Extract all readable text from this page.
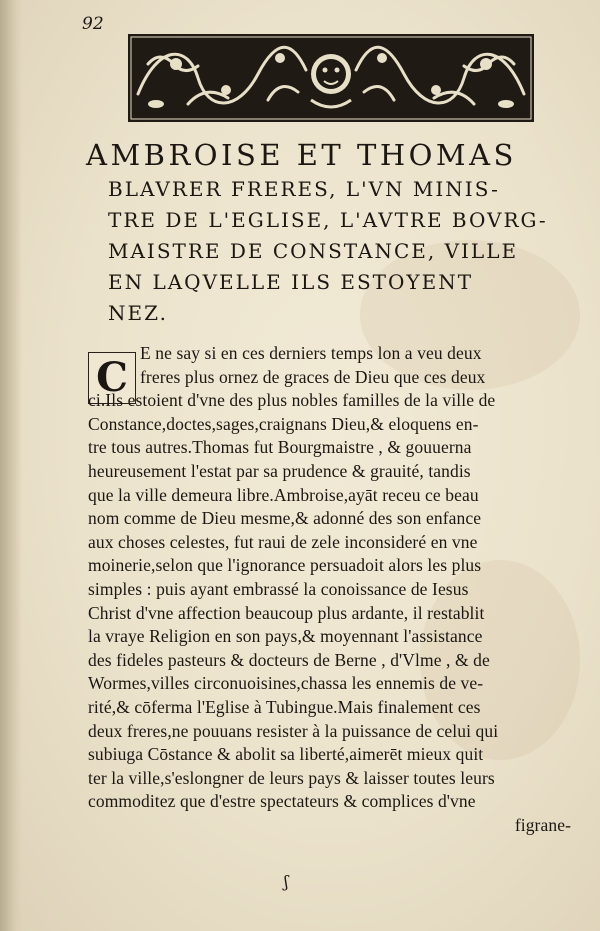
92
AMBROISE ET THOMAS
BLAVRER FRERES, L'VN MINIS-
TRE DE L'EGLISE, L'AVTRE BOVRG-
MAISTRE DE CONSTANCE, VILLE
EN LAQVELLE ILS ESTOYENT
NEZ.
C
E ne say si en ces derniers temps lon a veu deux
freres plus ornez de graces de Dieu que ces deux
ci.Ils estoient d'vne des plus nobles familles de la ville de
Constance,doctes,sages,craignans Dieu,& eloquens en-
tre tous autres.Thomas fut Bourgmaistre , & gouuerna
heureusement l'estat par sa prudence & grauité, tandis
que la ville demeura libre.Ambroise,ayāt receu ce beau
nom comme de Dieu mesme,& adonné des son enfance
aux choses celestes, fut raui de zele inconsideré en vne
moinerie,selon que l'ignorance persuadoit alors les plus
simples : puis ayant embrassé la conoissance de Iesus
Christ d'vne affection beaucoup plus ardante, il restablit
la vraye Religion en son pays,& moyennant l'assistance
des fideles pasteurs & docteurs de Berne , d'Vlme , & de
Wormes,villes circonuoisines,chassa les ennemis de ve-
rité,& cōferma l'Eglise à Tubingue.Mais finalement ces
deux freres,ne pouuans resister à la puissance de celui qui
subiuga Cōstance & abolit sa liberté,aimerēt mieux quit
ter la ville,s'eslongner de leurs pays & laisser toutes leurs
commoditez que d'estre spectateurs & complices d'vne
figrane-
ʃ
